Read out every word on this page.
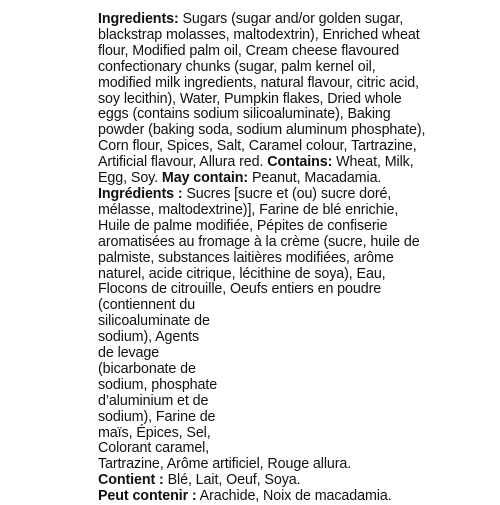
Ingredients: Sugars (sugar and/or golden sugar,
blackstrap molasses, maltodextrin), Enriched wheat
flour, Modified palm oil, Cream cheese flavoured
confectionary chunks (sugar, palm kernel oil,
modified milk ingredients, natural flavour, citric acid,
soy lecithin), Water, Pumpkin flakes, Dried whole
eggs (contains sodium silicoaluminate), Baking
powder (baking soda, sodium aluminum phosphate),
Corn flour, Spices, Salt, Caramel colour, Tartrazine,
Artificial flavour, Allura red. Contains: Wheat, Milk,
Egg, Soy. May contain: Peanut, Macadamia.
Ingrédients : Sucres [sucre et (ou) sucre doré,
mélasse, maltodextrine)], Farine de blé enrichie,
Huile de palme modifiée, Pépites de confiserie
aromatisées au fromage à la crème (sucre, huile de
palmiste, substances laitières modifiées, arôme
naturel, acide citrique, lécithine de soya), Eau,
Flocons de citrouille, Oeufs entiers en poudre
(contiennent du
silicoaluminate de
sodium), Agents
de levage
(bicarbonate de
sodium, phosphate
d’aluminium et de
sodium), Farine de
maïs, Épices, Sel,
Colorant caramel,
Tartrazine, Arôme artificiel, Rouge allura.
Contient : Blé, Lait, Oeuf, Soya.
Peut contenir : Arachide, Noix de macadamia.
